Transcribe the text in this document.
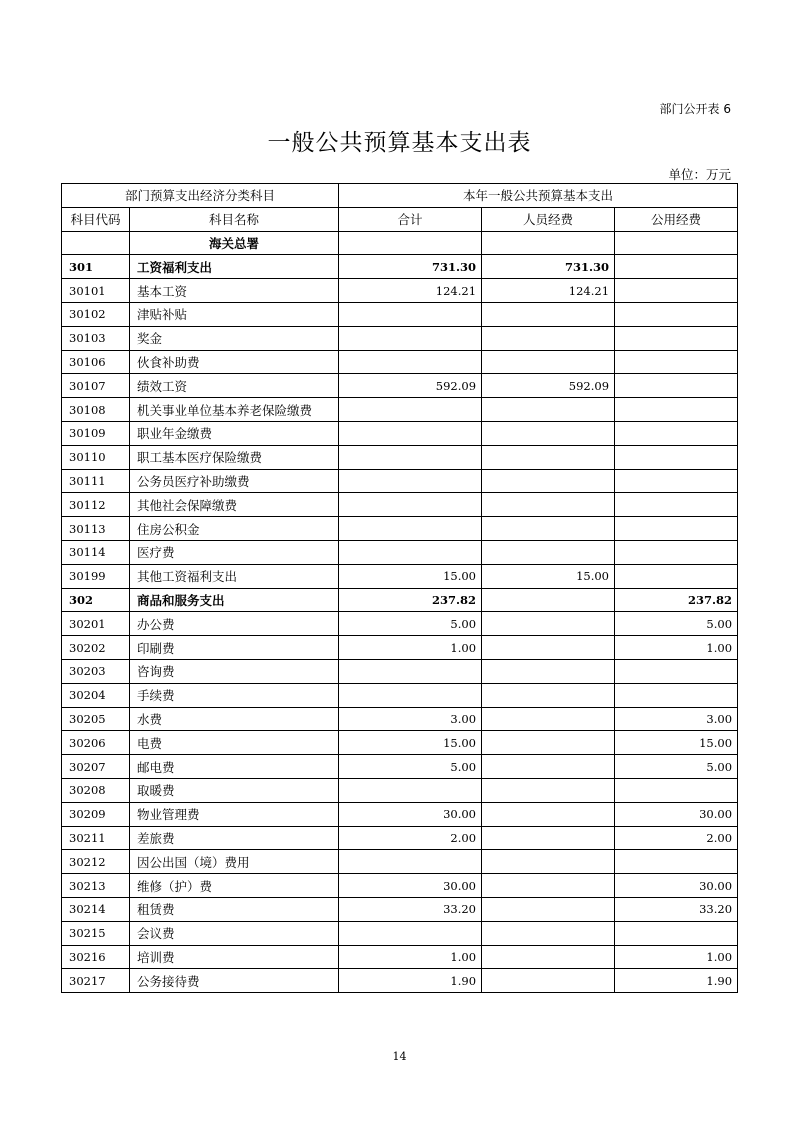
部门公开表 6
一般公共预算基本支出表
单位：万元
部门预算支出经济分类科目		本年一般公共预算基本支出		
科目代码	科目名称	合计	人员经费	公用经费
	海关总署			
301	工资福利支出	731.30	731.30	
30101	基本工资	124.21	124.21	
30102	津贴补贴			
30103	奖金			
30106	伙食补助费			
30107	绩效工资	592.09	592.09	
30108	机关事业单位基本养老保险缴费			
30109	职业年金缴费			
30110	职工基本医疗保险缴费			
30111	公务员医疗补助缴费			
30112	其他社会保障缴费			
30113	住房公积金			
30114	医疗费			
30199	其他工资福利支出	15.00	15.00	
302	商品和服务支出	237.82		237.82
30201	办公费	5.00		5.00
30202	印刷费	1.00		1.00
30203	咨询费			
30204	手续费			
30205	水费	3.00		3.00
30206	电费	15.00		15.00
30207	邮电费	5.00		5.00
30208	取暖费			
30209	物业管理费	30.00		30.00
30211	差旅费	2.00		2.00
30212	因公出国（境）费用			
30213	维修（护）费	30.00		30.00
30214	租赁费	33.20		33.20
30215	会议费			
30216	培训费	1.00		1.00
30217	公务接待费	1.90		1.90
14
